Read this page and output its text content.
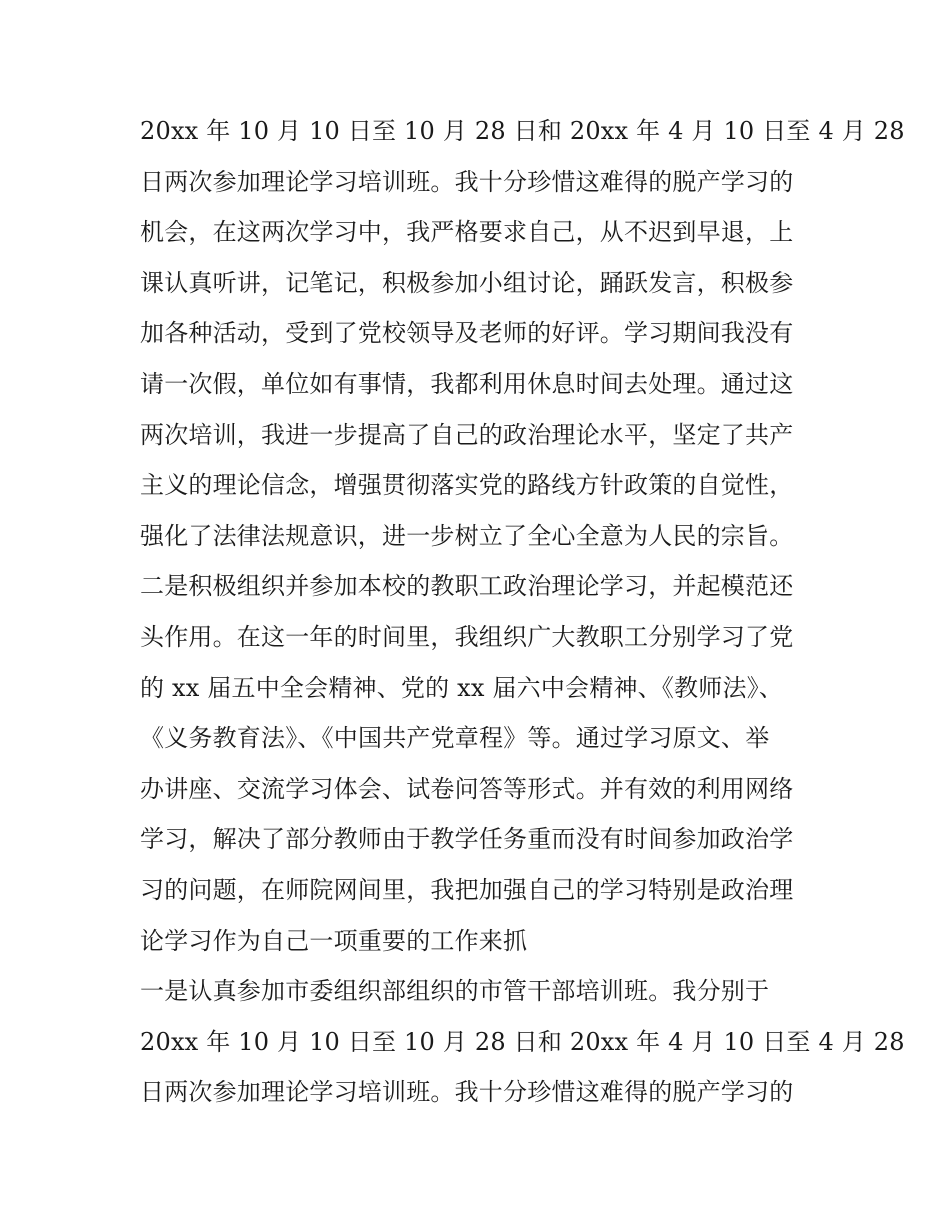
20xx 年 10 月 10 日至 10 月 28 日和 20xx 年 4 月 10 日至 4 月 28
日两次参加理论学习培训班。我十分珍惜这难得的脱产学习的
机会，在这两次学习中，我严格要求自己，从不迟到早退，上
课认真听讲，记笔记，积极参加小组讨论，踊跃发言，积极参
加各种活动，受到了党校领导及老师的好评。学习期间我没有
请一次假，单位如有事情，我都利用休息时间去处理。通过这
两次培训，我进一步提高了自己的政治理论水平，坚定了共产
主义的理论信念，增强贯彻落实党的路线方针政策的自觉性，
强化了法律法规意识，进一步树立了全心全意为人民的宗旨。
二是积极组织并参加本校的教职工政治理论学习，并起模范还
头作用。在这一年的时间里，我组织广大教职工分别学习了党
的 xx 届五中全会精神、党的 xx 届六中会精神、《教师法》、
《义务教育法》、《中国共产党章程》等。通过学习原文、举
办讲座、交流学习体会、试卷问答等形式。并有效的利用网络
学习，解决了部分教师由于教学任务重而没有时间参加政治学
习的问题，在师院网间里，我把加强自己的学习特别是政治理
论学习作为自己一项重要的工作来抓
一是认真参加市委组织部组织的市管干部培训班。我分别于
20xx 年 10 月 10 日至 10 月 28 日和 20xx 年 4 月 10 日至 4 月 28
日两次参加理论学习培训班。我十分珍惜这难得的脱产学习的
